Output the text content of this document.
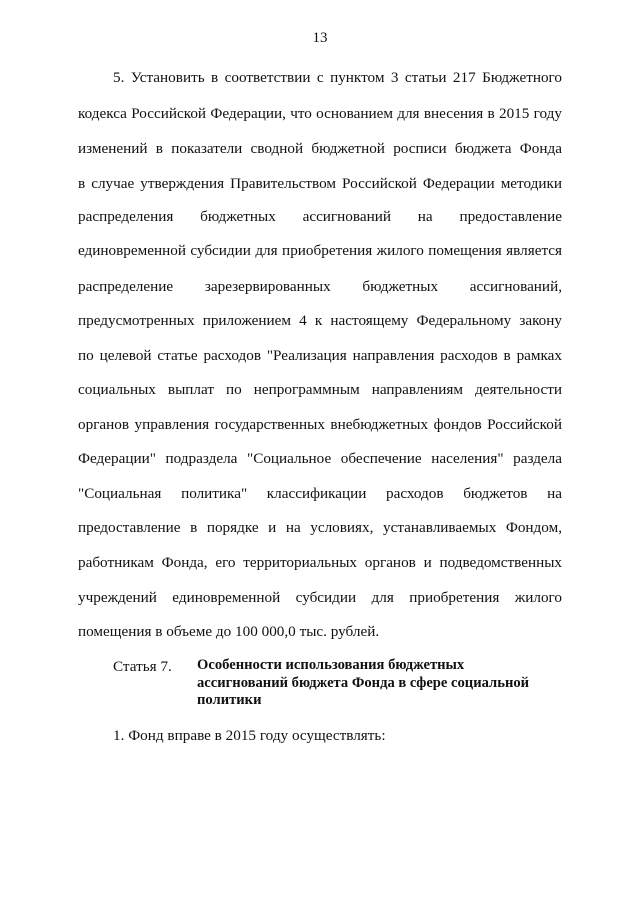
13
5. Установить в соответствии с пунктом 3 статьи 217 Бюджетного
кодекса Российской Федерации, что основанием для внесения в 2015 году
изменений в показатели сводной бюджетной росписи бюджета Фонда
в случае утверждения Правительством Российской Федерации методики
распределения бюджетных ассигнований на предоставление
единовременной субсидии для приобретения жилого помещения является
распределение зарезервированных бюджетных ассигнований,
предусмотренных приложением 4 к настоящему Федеральному закону
по целевой статье расходов "Реализация направления расходов в рамках
социальных выплат по непрограммным направлениям деятельности
органов управления государственных внебюджетных фондов Российской
Федерации" подраздела "Социальное обеспечение населения" раздела
"Социальная политика" классификации расходов бюджетов на
предоставление в порядке и на условиях, устанавливаемых Фондом,
работникам Фонда, его территориальных органов и подведомственных
учреждений единовременной субсидии для приобретения жилого
помещения в объеме до 100 000,0 тыс. рублей.
Статья 7. Особенности использования бюджетных
ассигнований бюджета Фонда в сфере социальной
политики
1. Фонд вправе в 2015 году осуществлять:
